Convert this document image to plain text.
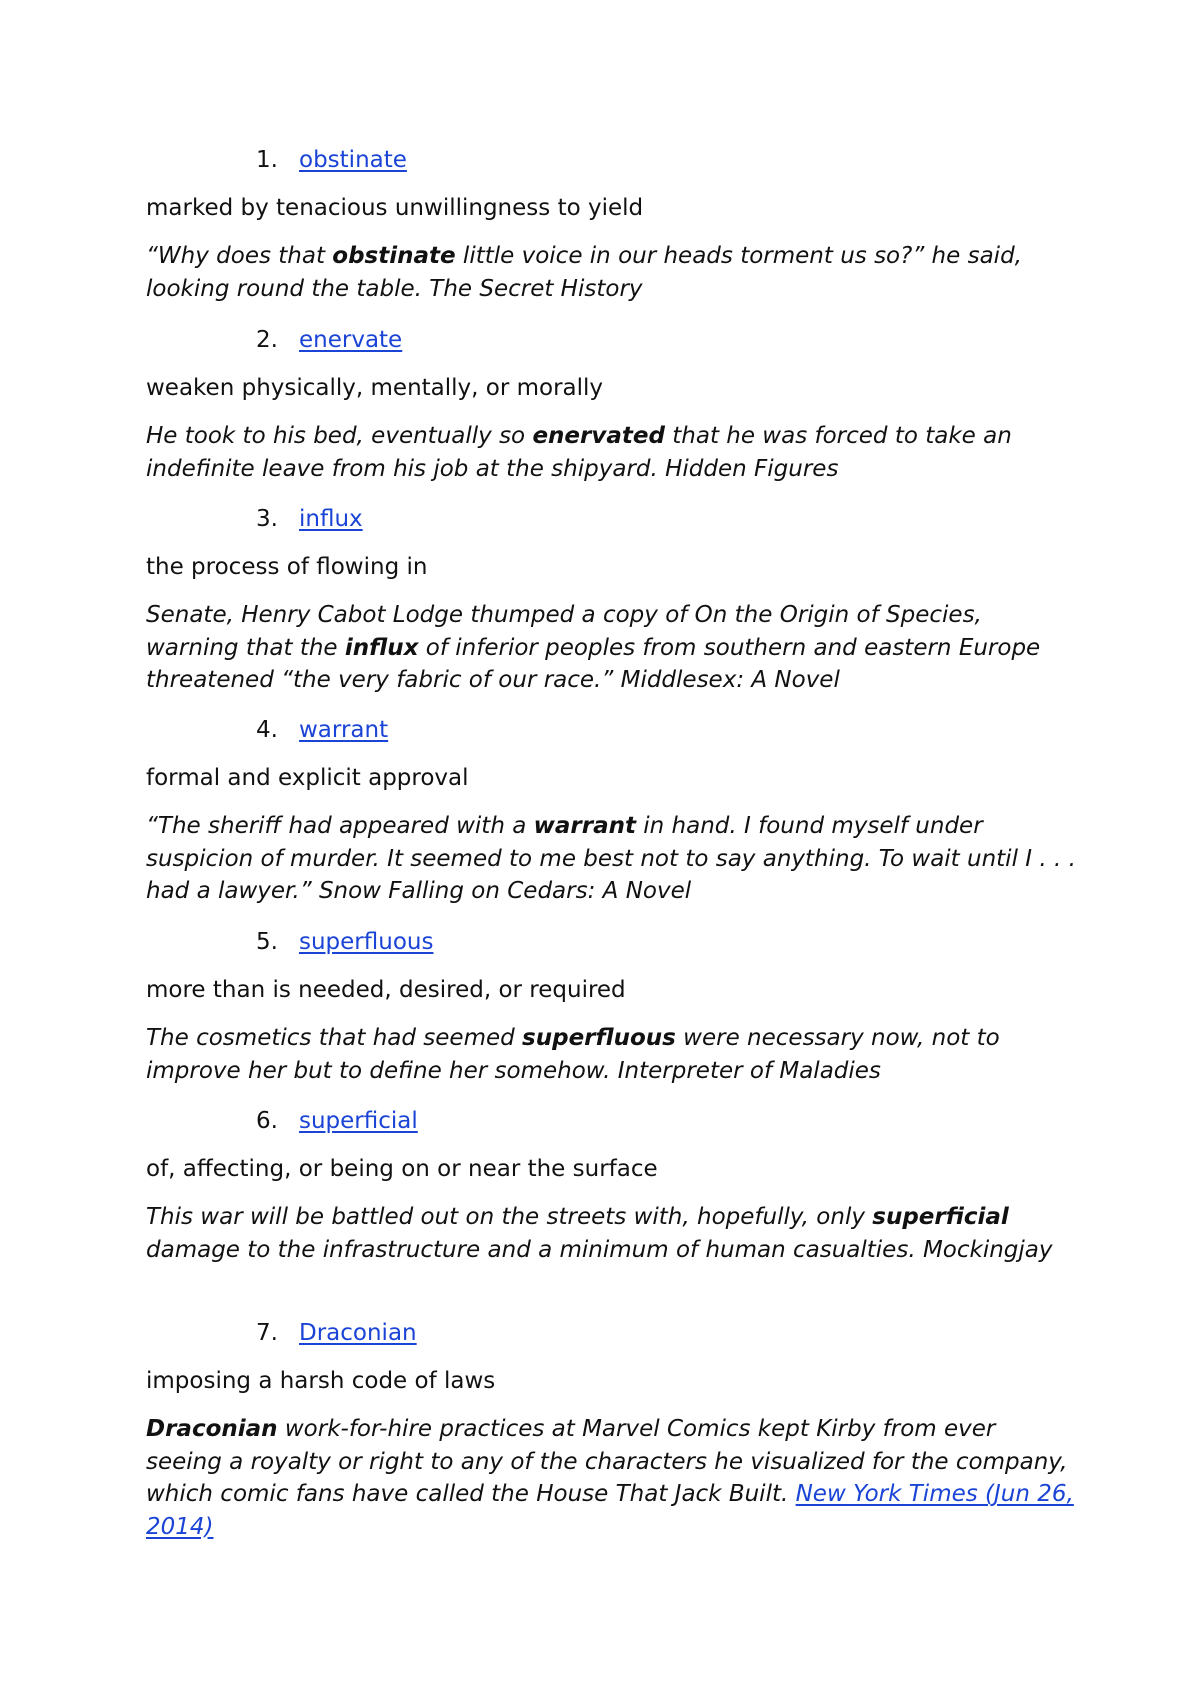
1. obstinate
marked by tenacious unwillingness to yield
“Why does that obstinate little voice in our heads torment us so?” he said, looking round the table. The Secret History
2. enervate
weaken physically, mentally, or morally
He took to his bed, eventually so enervated that he was forced to take an indefinite leave from his job at the shipyard. Hidden Figures
3. influx
the process of flowing in
Senate, Henry Cabot Lodge thumped a copy of On the Origin of Species, warning that the influx of inferior peoples from southern and eastern Europe threatened “the very fabric of our race.” Middlesex: A Novel
4. warrant
formal and explicit approval
“The sheriff had appeared with a warrant in hand. I found myself under suspicion of murder. It seemed to me best not to say anything. To wait until I . . . had a lawyer.” Snow Falling on Cedars: A Novel
5. superfluous
more than is needed, desired, or required
The cosmetics that had seemed superfluous were necessary now, not to improve her but to define her somehow. Interpreter of Maladies
6. superficial
of, affecting, or being on or near the surface
This war will be battled out on the streets with, hopefully, only superficial damage to the infrastructure and a minimum of human casualties. Mockingjay
7. Draconian
imposing a harsh code of laws
Draconian work-for-hire practices at Marvel Comics kept Kirby from ever seeing a royalty or right to any of the characters he visualized for the company, which comic fans have called the House That Jack Built. New York Times (Jun 26, 2014)
